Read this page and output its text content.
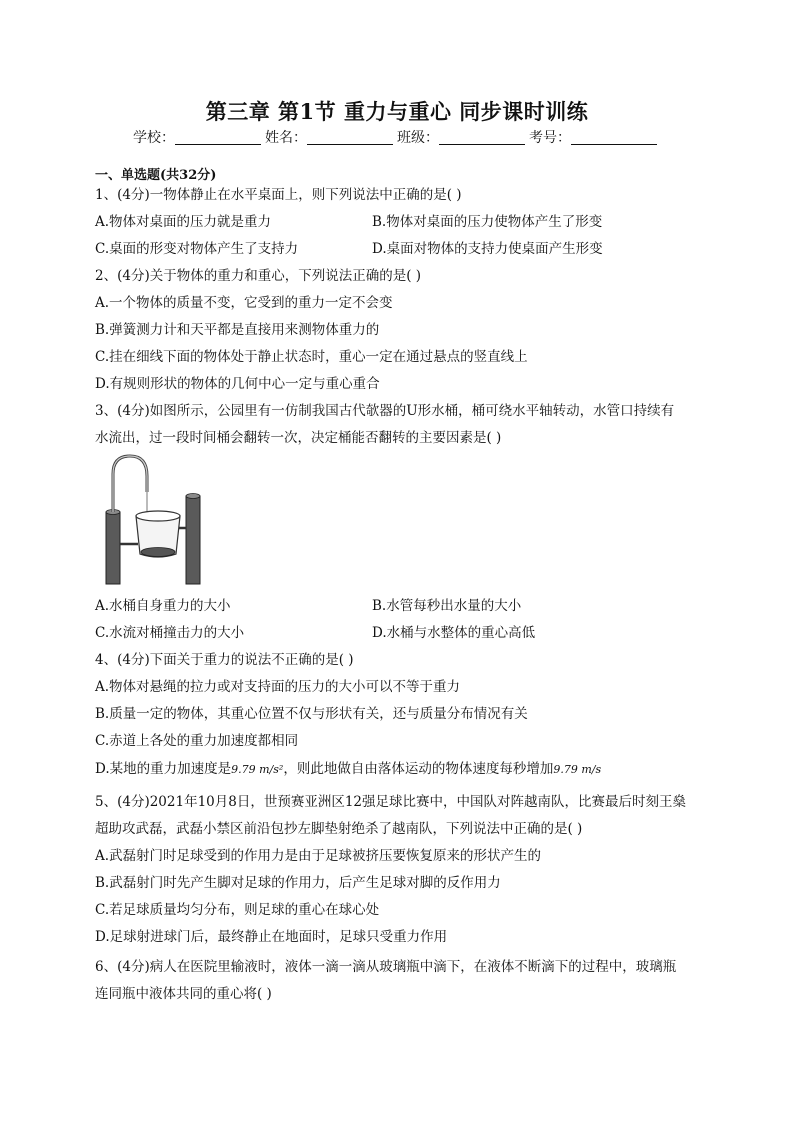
第三章 第1节 重力与重心 同步课时训练
学校：	姓名：	班级：	考号：
一、单选题(共32分)
1、(4分)一物体静止在水平桌面上，则下列说法中正确的是( )
A.物体对桌面的压力就是重力	B.物体对桌面的压力使物体产生了形变
C.桌面的形变对物体产生了支持力	D.桌面对物体的支持力使桌面产生形变
2、(4分)关于物体的重力和重心，下列说法正确的是( )
A.一个物体的质量不变，它受到的重力一定不会变
B.弹簧测力计和天平都是直接用来测物体重力的
C.挂在细线下面的物体处于静止状态时，重心一定在通过悬点的竖直线上
D.有规则形状的物体的几何中心一定与重心重合
3、(4分)如图所示，公园里有一仿制我国古代欹器的U形水桶，桶可绕水平轴转动，水管口持续有
水流出，过一段时间桶会翻转一次，决定桶能否翻转的主要因素是( )
A.水桶自身重力的大小	B.水管每秒出水量的大小
C.水流对桶撞击力的大小	D.水桶与水整体的重心高低
4、(4分)下面关于重力的说法不正确的是( )
A.物体对悬绳的拉力或对支持面的压力的大小可以不等于重力
B.质量一定的物体，其重心位置不仅与形状有关，还与质量分布情况有关
C.赤道上各处的重力加速度都相同
D.某地的重力加速度是9.79 m/s²，则此地做自由落体运动的物体速度每秒增加9.79 m/s
5、(4分)2021年10月8日，世预赛亚洲区12强足球比赛中，中国队对阵越南队，比赛最后时刻王燊
超助攻武磊，武磊小禁区前沿包抄左脚垫射绝杀了越南队，下列说法中正确的是( )
A.武磊射门时足球受到的作用力是由于足球被挤压要恢复原来的形状产生的
B.武磊射门时先产生脚对足球的作用力，后产生足球对脚的反作用力
C.若足球质量均匀分布，则足球的重心在球心处
D.足球射进球门后，最终静止在地面时，足球只受重力作用
6、(4分)病人在医院里输液时，液体一滴一滴从玻璃瓶中滴下，在液体不断滴下的过程中，玻璃瓶
连同瓶中液体共同的重心将( )
